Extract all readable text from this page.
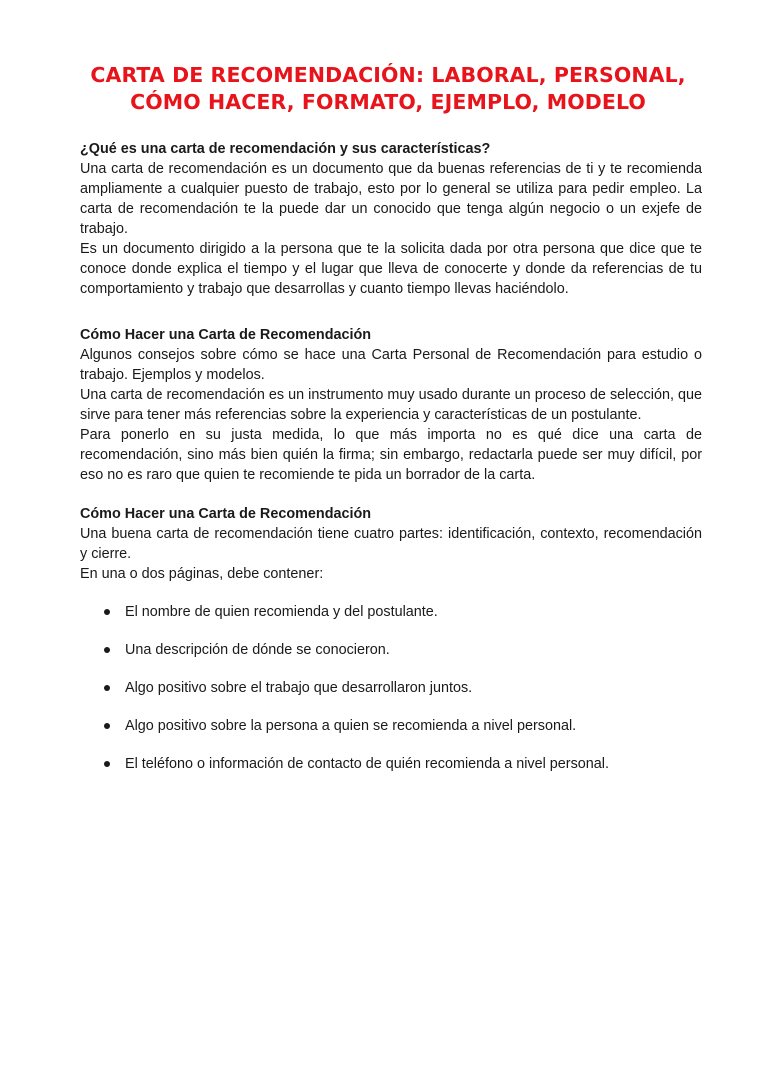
CARTA DE RECOMENDACIÓN: LABORAL, PERSONAL,
CÓMO HACER, FORMATO, EJEMPLO, MODELO

¿Qué es una carta de recomendación y sus características?

Una carta de recomendación es un documento que da buenas referencias de ti y te recomienda ampliamente a cualquier puesto de trabajo, esto por lo general se utiliza para pedir empleo. La carta de recomendación te la puede dar un conocido que tenga algún negocio o un exjefe de trabajo.

Es un documento dirigido a la persona que te la solicita dada por otra persona que dice que te conoce donde explica el tiempo y el lugar que lleva de conocerte y donde da referencias de tu comportamiento y trabajo que desarrollas y cuanto tiempo llevas haciéndolo.

Cómo Hacer una Carta de Recomendación

Algunos consejos sobre cómo se hace una Carta Personal de Recomendación para estudio o trabajo. Ejemplos y modelos.

Una carta de recomendación es un instrumento muy usado durante un proceso de selección, que sirve para tener más referencias sobre la experiencia y características de un postulante.

Para ponerlo en su justa medida, lo que más importa no es qué dice una carta de recomendación, sino más bien quién la firma; sin embargo, redactarla puede ser muy difícil, por eso no es raro que quien te recomiende te pida un borrador de la carta.

Cómo Hacer una Carta de Recomendación

Una buena carta de recomendación tiene cuatro partes: identificación, contexto, recomendación y cierre.

En una o dos páginas, debe contener:

El nombre de quien recomienda y del postulante.
Una descripción de dónde se conocieron.
Algo positivo sobre el trabajo que desarrollaron juntos.
Algo positivo sobre la persona a quien se recomienda a nivel personal.
El teléfono o información de contacto de quién recomienda a nivel personal.
